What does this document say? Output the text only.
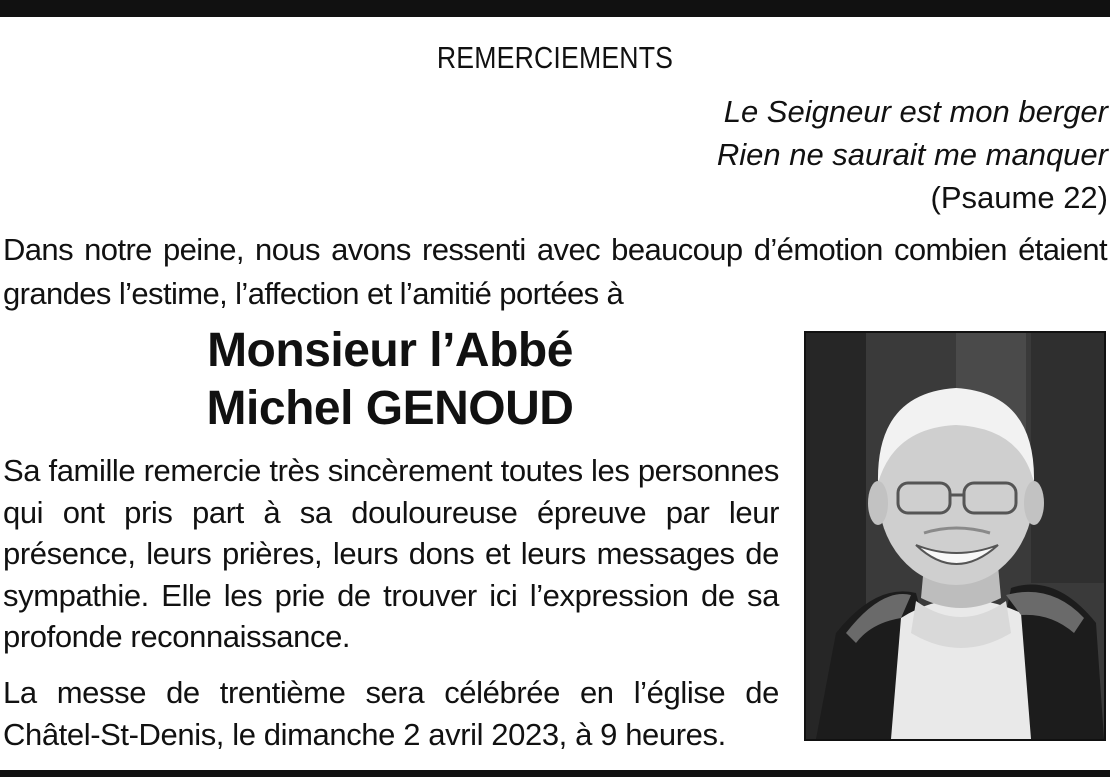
REMERCIEMENTS
Le Seigneur est mon berger
Rien ne saurait me manquer
(Psaume 22)
Dans notre peine, nous avons ressenti avec beaucoup d’émotion combien étaient grandes l’estime, l’affection et l’amitié portées à
Monsieur l’Abbé
Michel GENOUD
Sa famille remercie très sincèrement toutes les personnes qui ont pris part à sa douloureuse épreuve par leur présence, leurs prières, leurs dons et leurs messages de sympathie. Elle les prie de trouver ici l’expression de sa profonde reconnaissance.
La messe de trentième sera célébrée en l’église de Châtel-St-Denis, le dimanche 2 avril 2023, à 9 heures.
